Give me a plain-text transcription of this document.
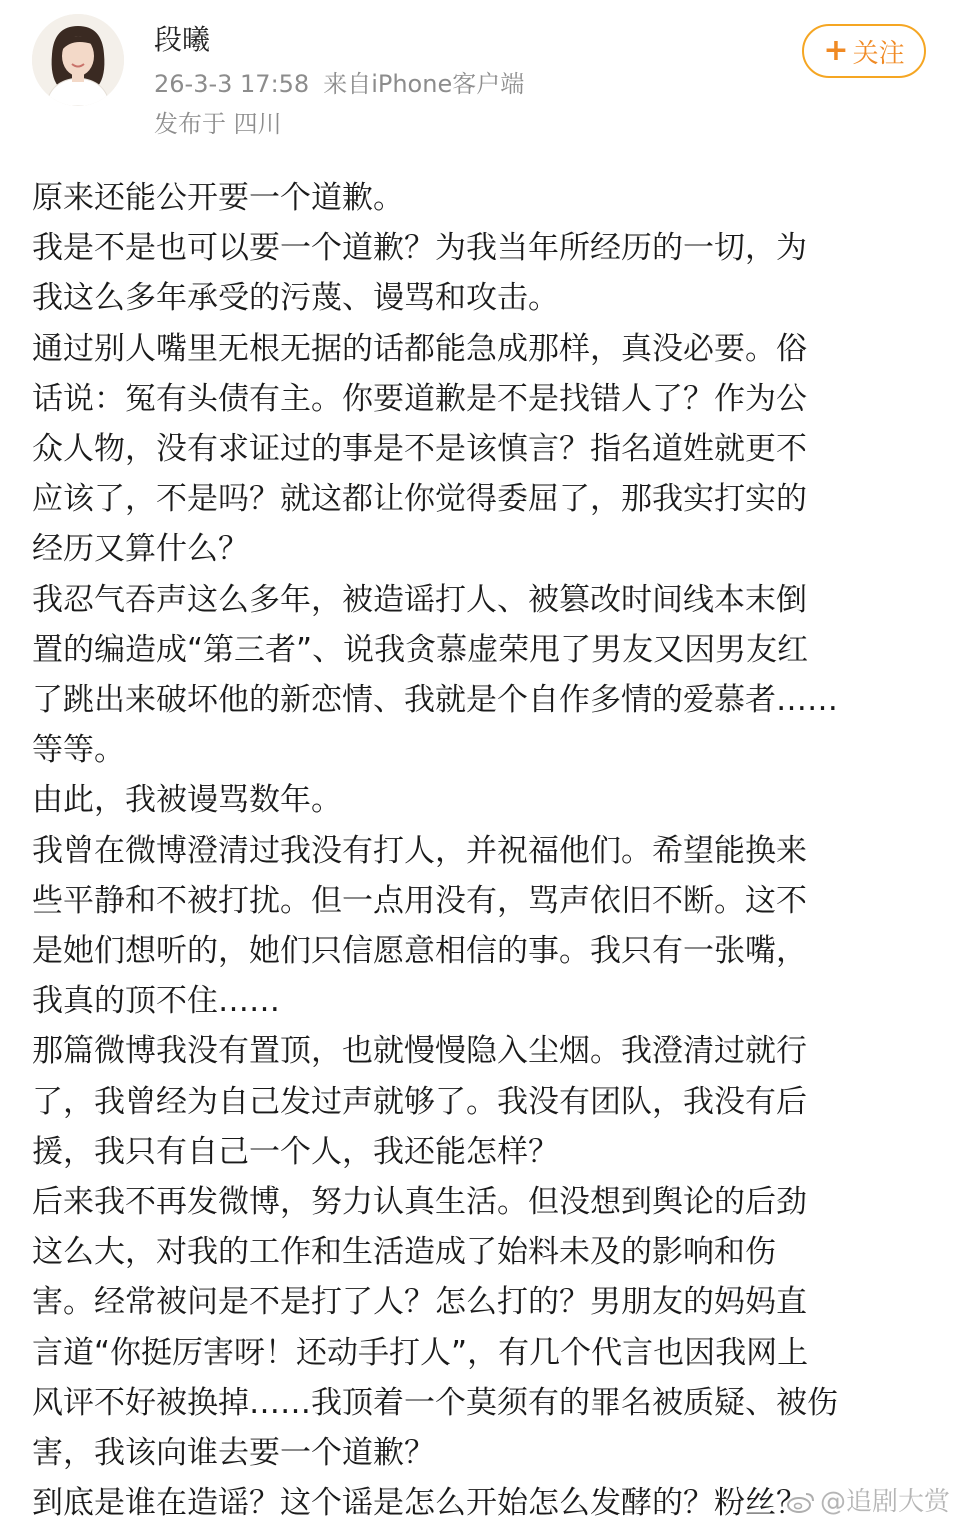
段曦
26-3-3 17:58 来自iPhone客户端
发布于 四川
+ 关注

原来还能公开要一个道歉。

我是不是也可以要一个道歉？为我当年所经历的一切，为

我这么多年承受的污蔑、谩骂和攻击。

通过别人嘴里无根无据的话都能急成那样，真没必要。俗

话说：冤有头债有主。你要道歉是不是找错人了？作为公

众人物，没有求证过的事是不是该慎言？指名道姓就更不

应该了，不是吗？就这都让你觉得委屈了，那我实打实的

经历又算什么？

我忍气吞声这么多年，被造谣打人、被篡改时间线本末倒

置的编造成“第三者”、说我贪慕虚荣甩了男友又因男友红

了跳出来破坏他的新恋情、我就是个自作多情的爱慕者……

等等。

由此，我被谩骂数年。

我曾在微博澄清过我没有打人，并祝福他们。希望能换来

些平静和不被打扰。但一点用没有，骂声依旧不断。这不

是她们想听的，她们只信愿意相信的事。我只有一张嘴，

我真的顶不住……

那篇微博我没有置顶，也就慢慢隐入尘烟。我澄清过就行

了，我曾经为自己发过声就够了。我没有团队，我没有后

援，我只有自己一个人，我还能怎样？

后来我不再发微博，努力认真生活。但没想到舆论的后劲

这么大，对我的工作和生活造成了始料未及的影响和伤

害。经常被问是不是打了人？怎么打的？男朋友的妈妈直

言道“你挺厉害呀！还动手打人”，有几个代言也因我网上

风评不好被换掉……我顶着一个莫须有的罪名被质疑、被伤

害，我该向谁去要一个道歉？

到底是谁在造谣？这个谣是怎么开始怎么发酵的？粉丝？ @追剧大赏
